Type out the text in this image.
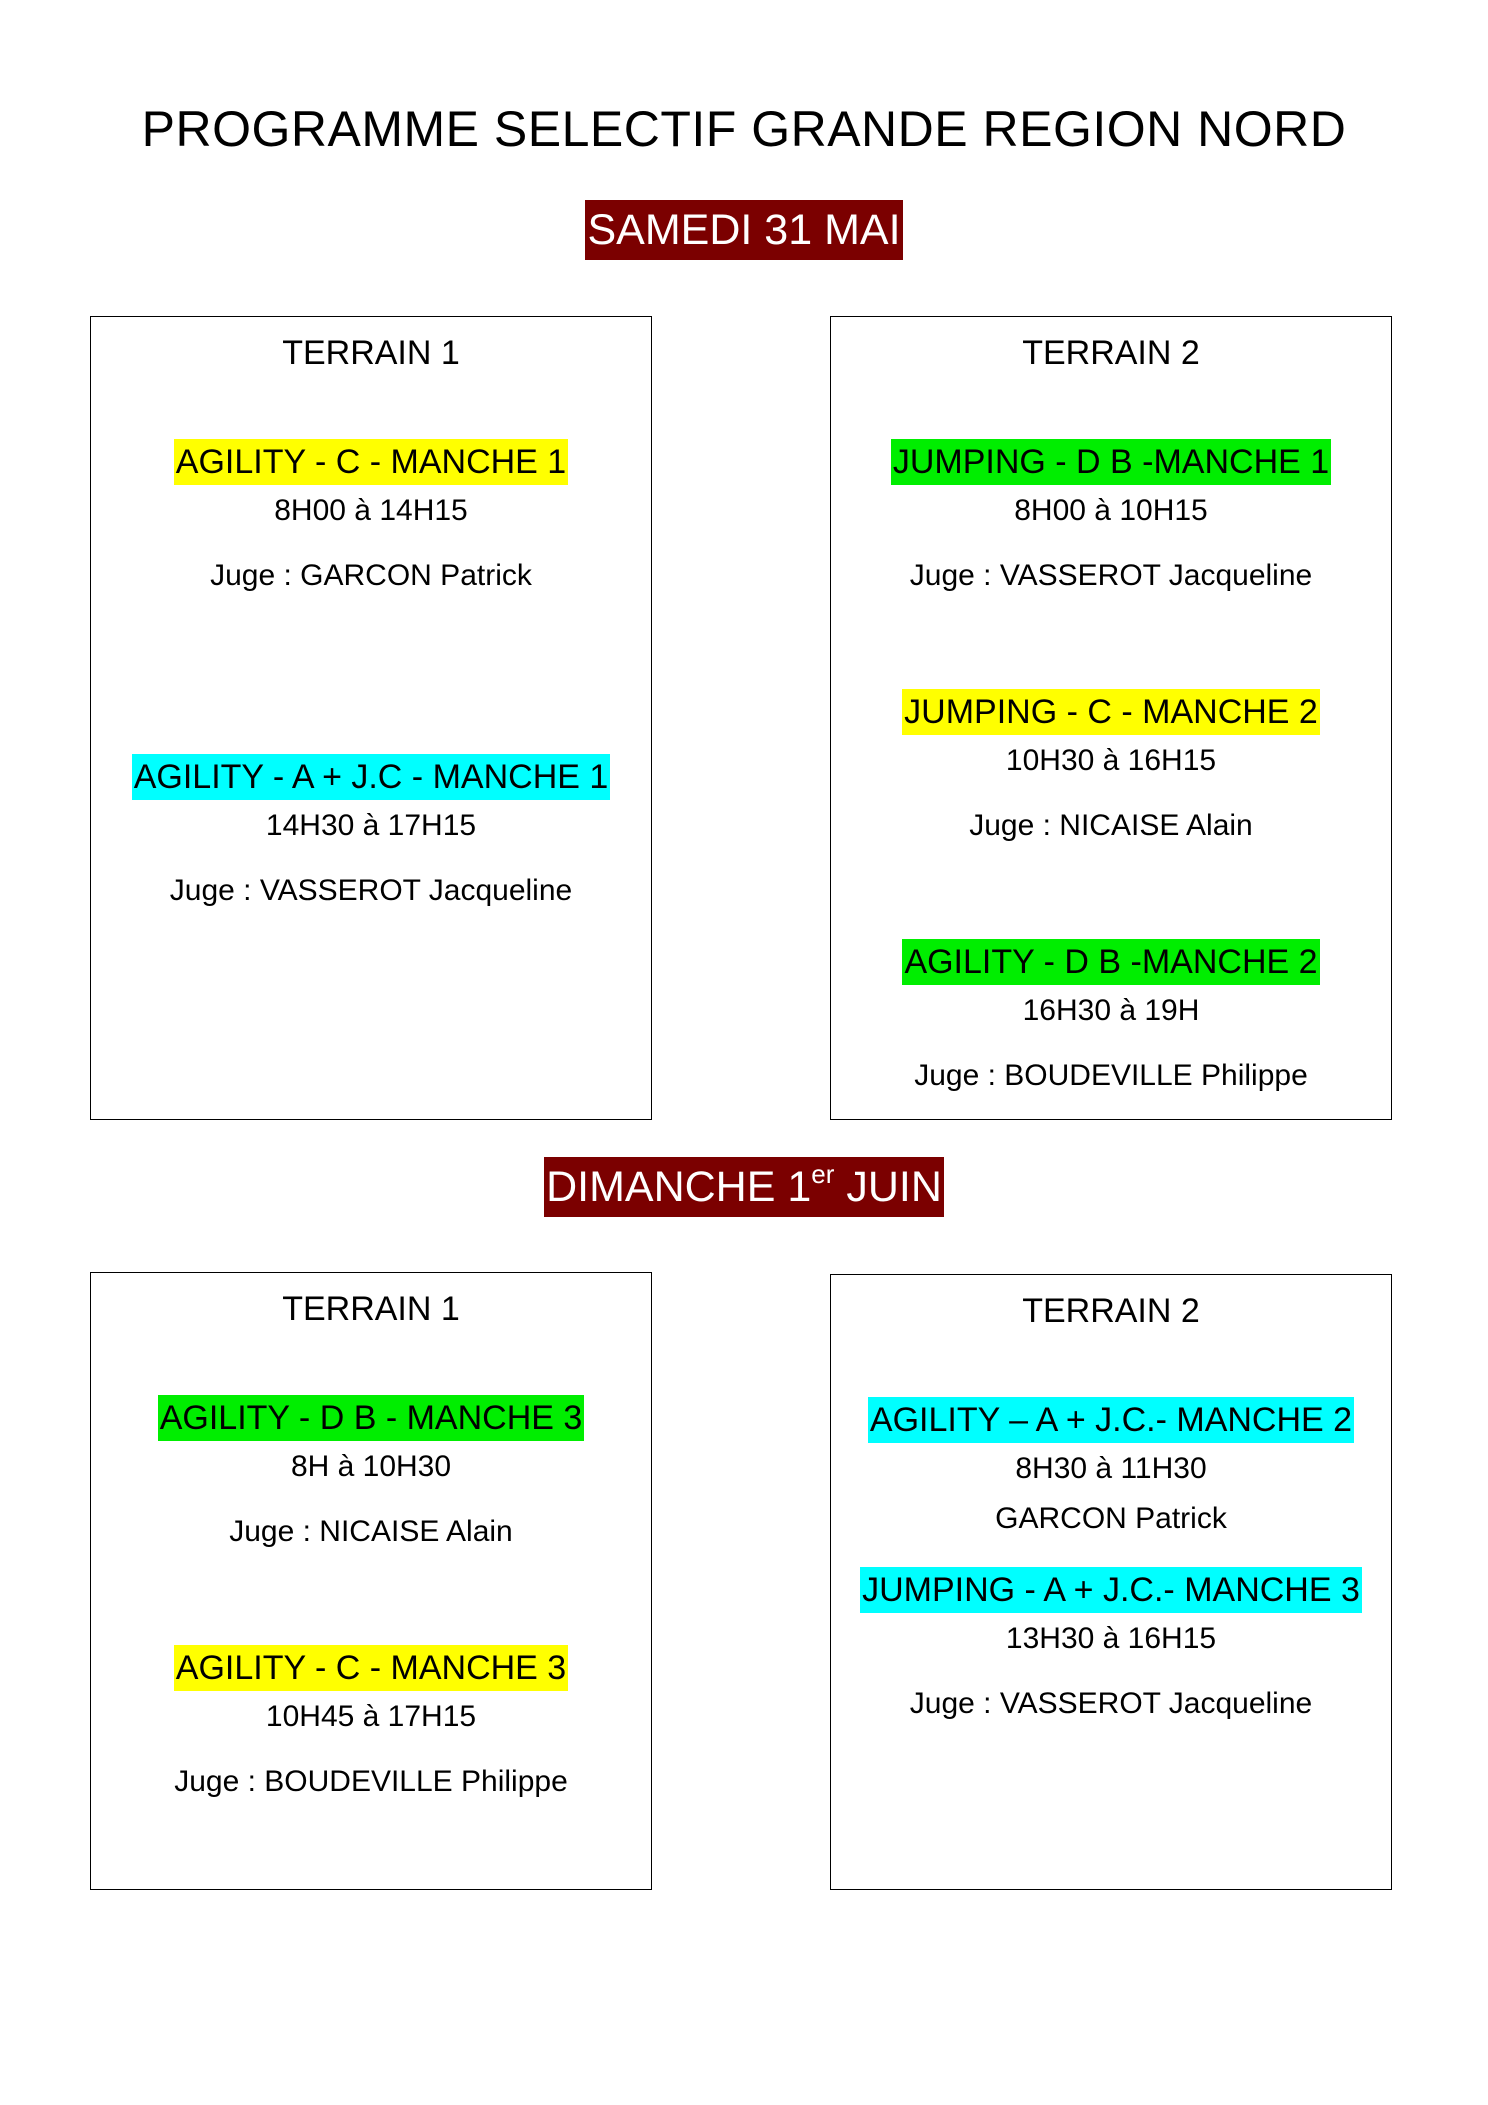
PROGRAMME SELECTIF GRANDE REGION NORD
SAMEDI 31 MAI
TERRAIN 1
AGILITY - C - MANCHE 1
8H00 à 14H15
Juge : GARCON Patrick
AGILITY - A + J.C - MANCHE 1
14H30 à 17H15
Juge : VASSEROT Jacqueline
TERRAIN 2
JUMPING - D B -MANCHE 1
8H00 à 10H15
Juge : VASSEROT Jacqueline
JUMPING - C - MANCHE 2
10H30 à 16H15
Juge : NICAISE Alain
AGILITY - D B -MANCHE 2
16H30 à 19H
Juge : BOUDEVILLE Philippe
DIMANCHE 1er JUIN
TERRAIN 1
AGILITY - D B - MANCHE 3
8H à 10H30
Juge : NICAISE Alain
AGILITY - C - MANCHE 3
10H45 à 17H15
Juge : BOUDEVILLE Philippe
TERRAIN 2
AGILITY – A + J.C.- MANCHE 2
8H30 à 11H30
GARCON Patrick
JUMPING - A + J.C.- MANCHE 3
13H30 à 16H15
Juge : VASSEROT Jacqueline
